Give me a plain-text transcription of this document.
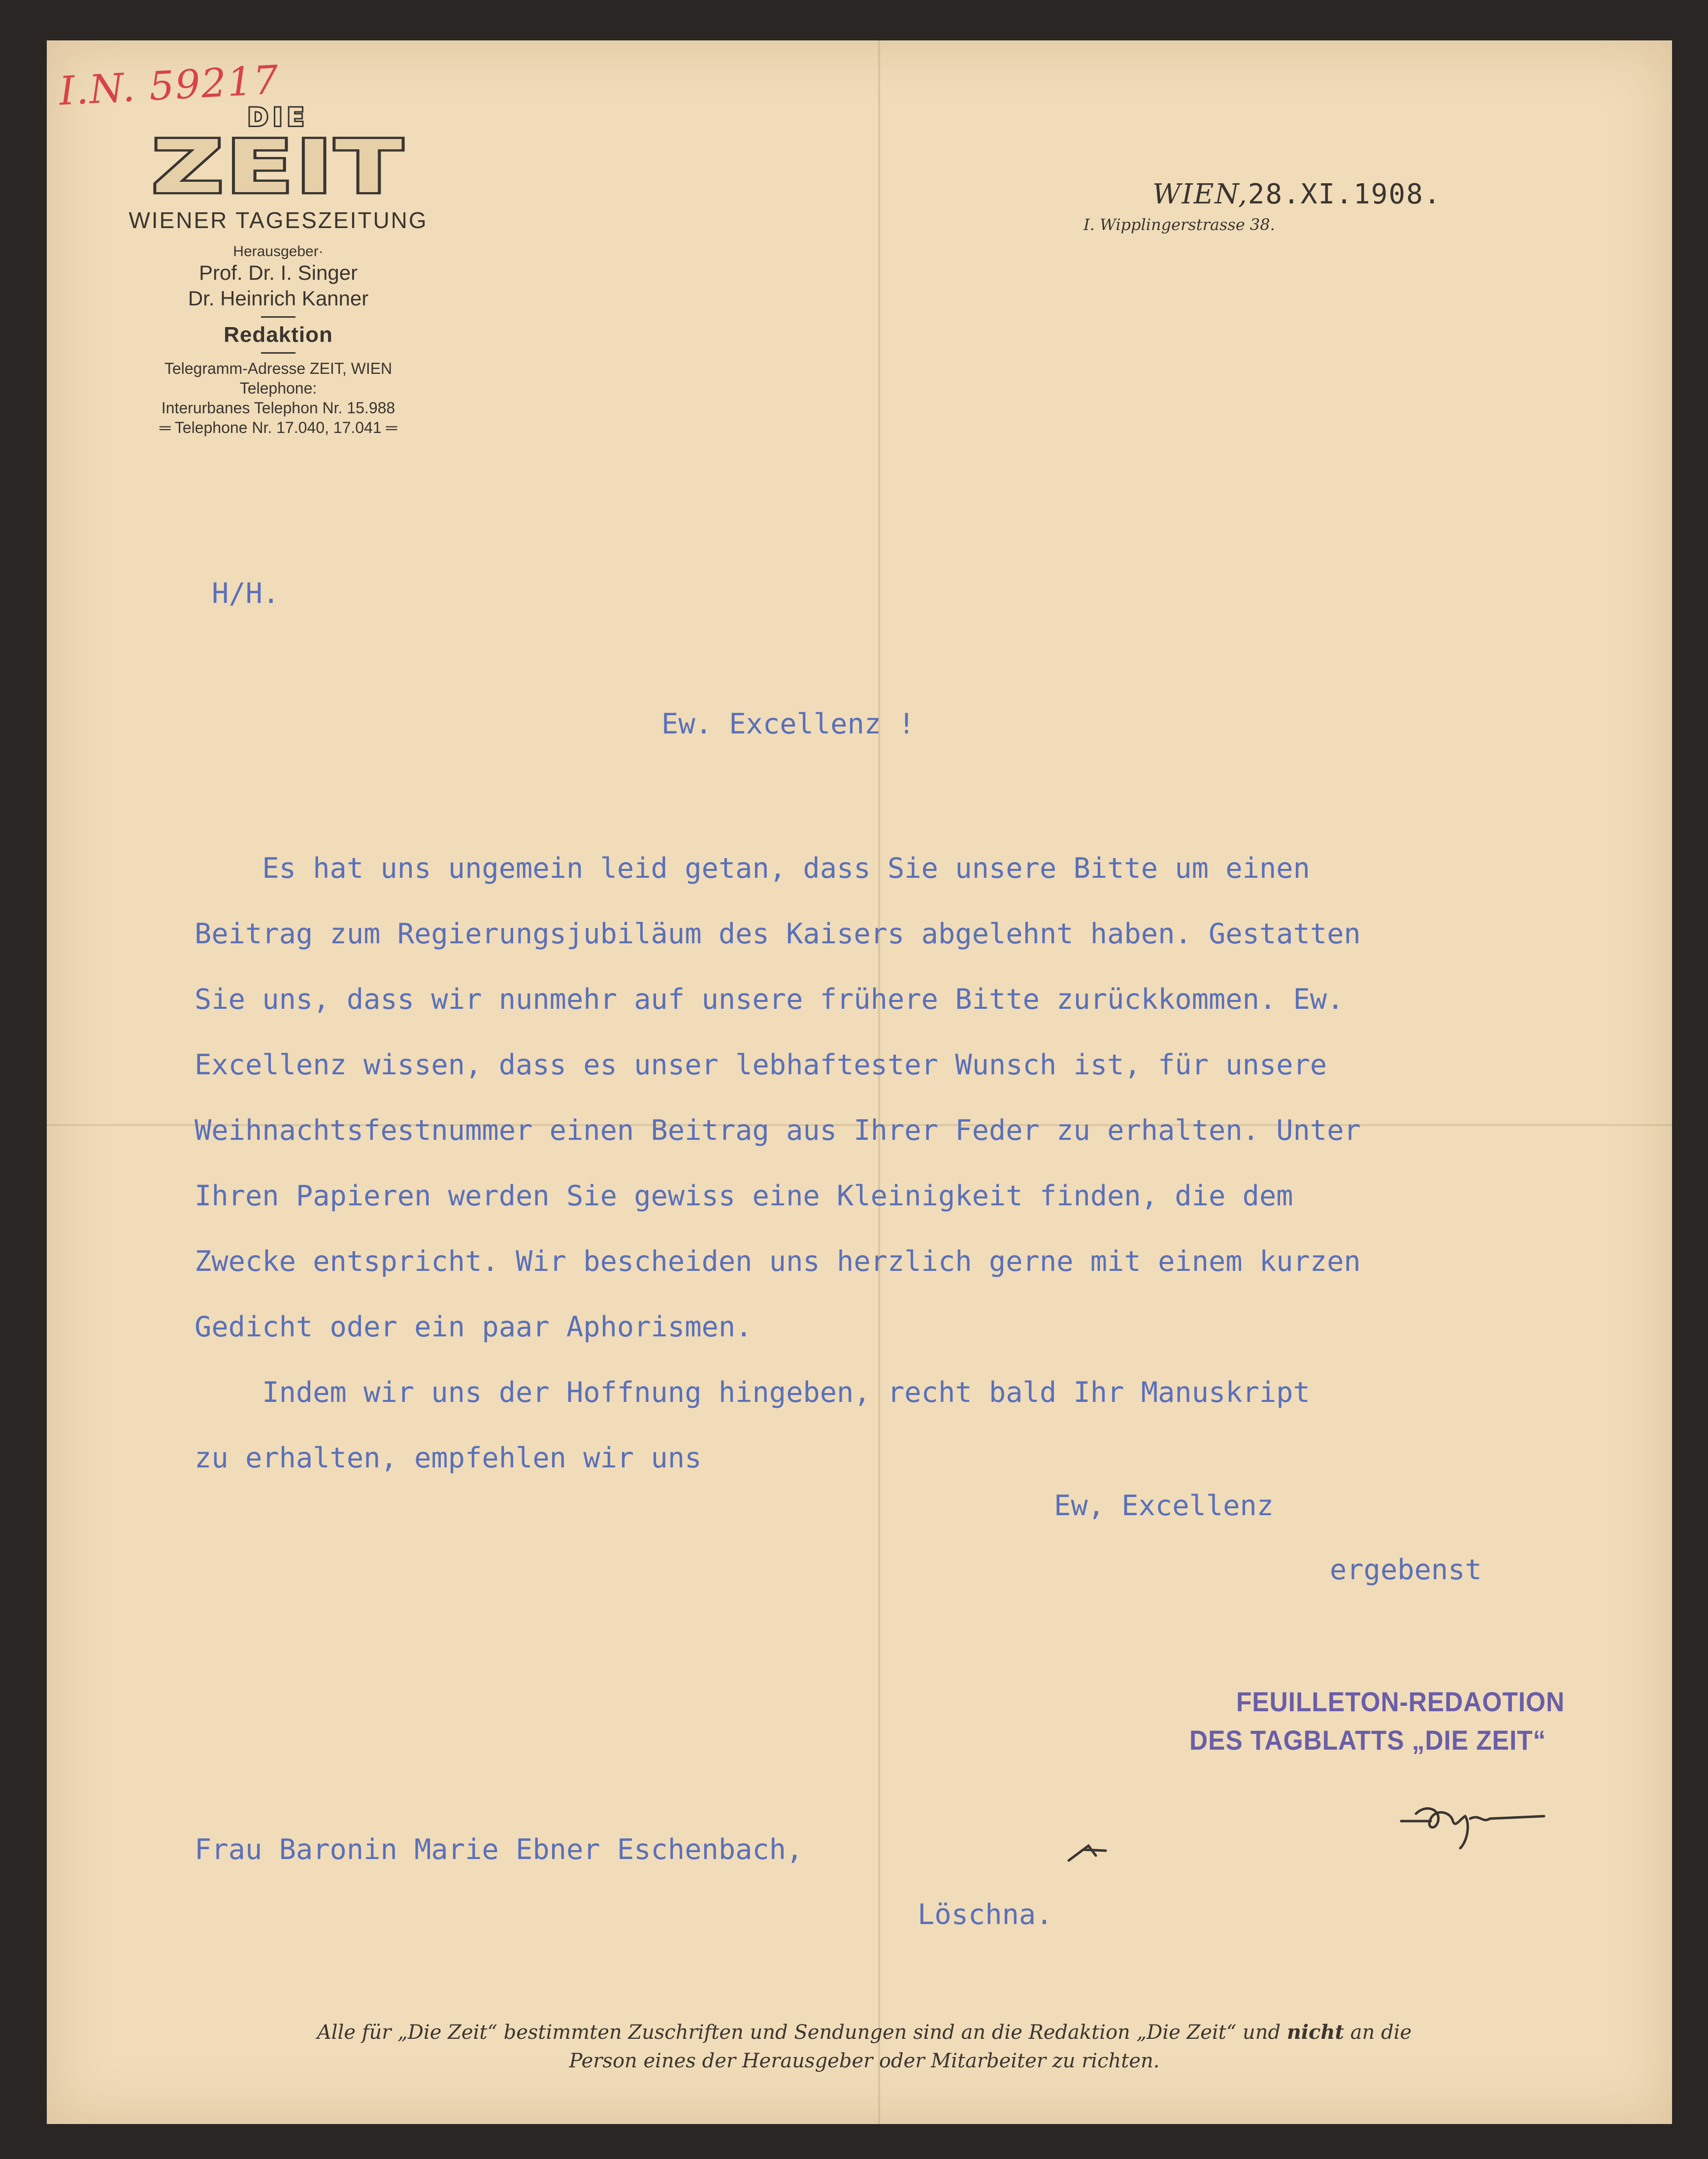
I.N. 59217
DIE
ZEIT
WIENER TAGESZEITUNG
Herausgeber·
Prof. Dr. I. Singer
Dr. Heinrich Kanner
Redaktion
Telegramm-Adresse ZEIT, WIEN
Telephone:
Interurbanes Telephon Nr. 15.988
═ Telephone Nr. 17.040, 17.041 ═
WIEN,28.XI.1908.
I. Wipplingerstrasse 38.
H/H.
Ew. Excellenz !
Es hat uns ungemein leid getan, dass Sie unsere Bitte um einen
Beitrag zum Regierungsjubiläum des Kaisers abgelehnt haben. Gestatten
Sie uns, dass wir nunmehr auf unsere frühere Bitte zurückkommen. Ew.
Excellenz wissen, dass es unser lebhaftester Wunsch ist, für unsere
Weihnachtsfestnummer einen Beitrag aus Ihrer Feder zu erhalten. Unter
Ihren Papieren werden Sie gewiss eine Kleinigkeit finden, die dem
Zwecke entspricht. Wir bescheiden uns herzlich gerne mit einem kurzen
Gedicht oder ein paar Aphorismen.
Indem wir uns der Hoffnung hingeben, recht bald Ihr Manuskript
zu erhalten, empfehlen wir uns
Ew, Excellenz
ergebenst
FEUILLETON-REDAOTION
DES TAGBLATTS „DIE ZEIT“
Frau Baronin Marie Ebner Eschenbach,
Löschna.
Alle für „Die Zeit“ bestimmten Zuschriften und Sendungen sind an die Redaktion „Die Zeit“ und nicht an die
Person eines der Herausgeber oder Mitarbeiter zu richten.
